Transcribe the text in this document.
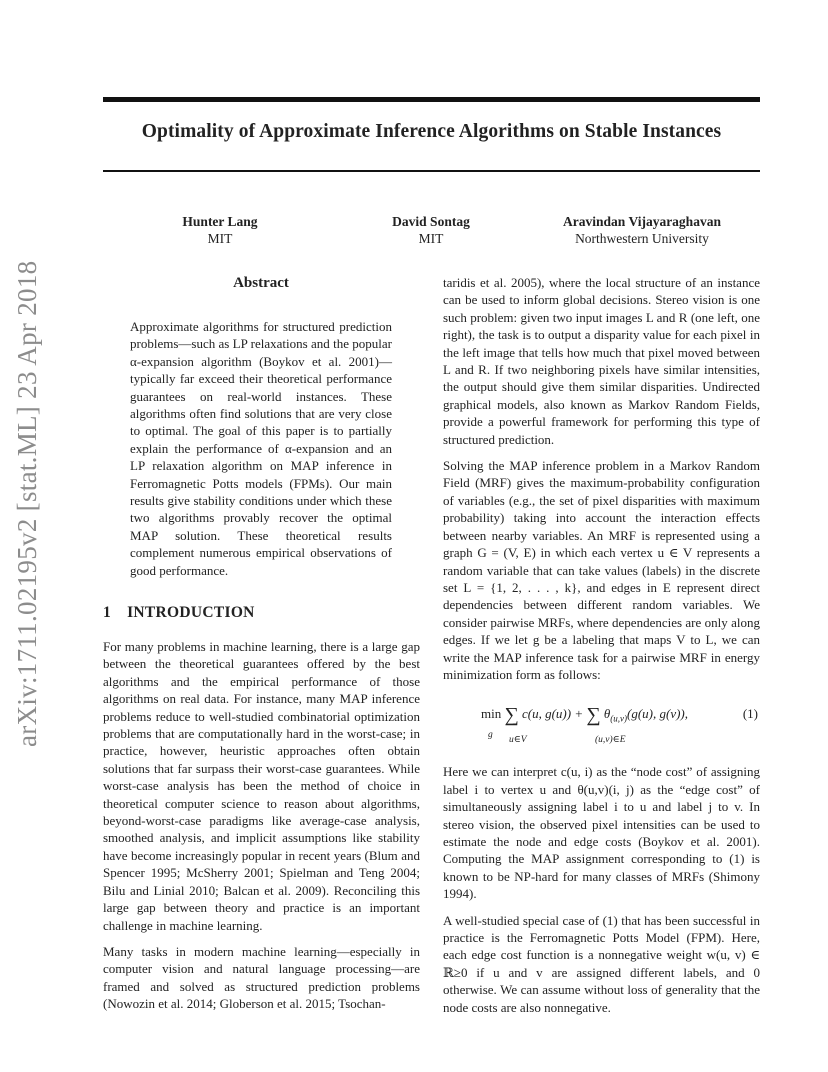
Optimality of Approximate Inference Algorithms on Stable Instances
Hunter Lang
MIT
David Sontag
MIT
Aravindan Vijayaraghavan
Northwestern University
arXiv:1711.02195v2 [stat.ML] 23 Apr 2018	Abstract
Approximate algorithms for structured prediction problems—such as LP relaxations and the popular α-expansion algorithm (Boykov et al. 2001)—typically far exceed their theoretical performance guarantees on real-world instances. These algorithms often find solutions that are very close to optimal. The goal of this paper is to partially explain the performance of α-expansion and an LP relaxation algorithm on MAP inference in Ferromagnetic Potts models (FPMs). Our main results give stability conditions under which these two algorithms provably recover the optimal MAP solution. These theoretical results complement numerous empirical observations of good performance.
1 INTRODUCTION

For many problems in machine learning, there is a large gap between the theoretical guarantees offered by the best algorithms and the empirical performance of those algorithms on real data. For instance, many MAP inference problems reduce to well-studied combinatorial optimization problems that are computationally hard in the worst-case; in practice, however, heuristic approaches often obtain solutions that far surpass their worst-case guarantees. While worst-case analysis has been the method of choice in theoretical computer science to reason about algorithms, beyond-worst-case paradigms like average-case analysis, smoothed analysis, and implicit assumptions like stability have become increasingly popular in recent years (Blum and Spencer 1995; McSherry 2001; Spielman and Teng 2004; Bilu and Linial 2010; Balcan et al. 2009). Reconciling this large gap between theory and practice is an important challenge in machine learning.

Many tasks in modern machine learning—especially in computer vision and natural language processing—are framed and solved as structured prediction problems (Nowozin et al. 2014; Globerson et al. 2015; Tsochan-

taridis et al. 2005), where the local structure of an instance can be used to inform global decisions. Stereo vision is one such problem: given two input images L and R (one left, one right), the task is to output a disparity value for each pixel in the left image that tells how much that pixel moved between L and R. If two neighboring pixels have similar intensities, the output should give them similar disparities. Undirected graphical models, also known as Markov Random Fields, provide a powerful framework for performing this type of structured prediction.

Solving the MAP inference problem in a Markov Random Field (MRF) gives the maximum-probability configuration of variables (e.g., the set of pixel disparities with maximum probability) taking into account the interaction effects between nearby variables. An MRF is represented using a graph G = (V, E) in which each vertex u ∈ V represents a random variable that can take values (labels) in the discrete set L = {1, 2, . . . , k}, and edges in E represent direct dependencies between different random variables. We consider pairwise MRFs, where dependencies are only along edges. If we let g be a labeling that maps V to L, we can write the MAP inference task for a pairwise MRF in energy minimization form as follows:

min ∑ c(u, g(u)) + ∑ $\theta_{(u,v)}(g(u)$, g(v)),
g u∈V	(u,v)∈E
(1)

Here we can interpret c(u, i) as the “node cost” of assigning label i to vertex u and θ(u,v)(i, j) as the “edge cost” of simultaneously assigning label i to u and label j to v. In stereo vision, the observed pixel intensities can be used to estimate the node and edge costs (Boykov et al. 2001). Computing the MAP assignment corresponding to (1) is known to be NP-hard for many classes of MRFs (Shimony 1994).

A well-studied special case of (1) that has been successful in practice is the Ferromagnetic Potts Model (FPM). Here, each edge cost function is a nonnegative weight w(u, v) ∈ ℝ≥0 if u and v are assigned different labels, and 0 otherwise. We can assume without loss of generality that the node costs are also nonnegative.
